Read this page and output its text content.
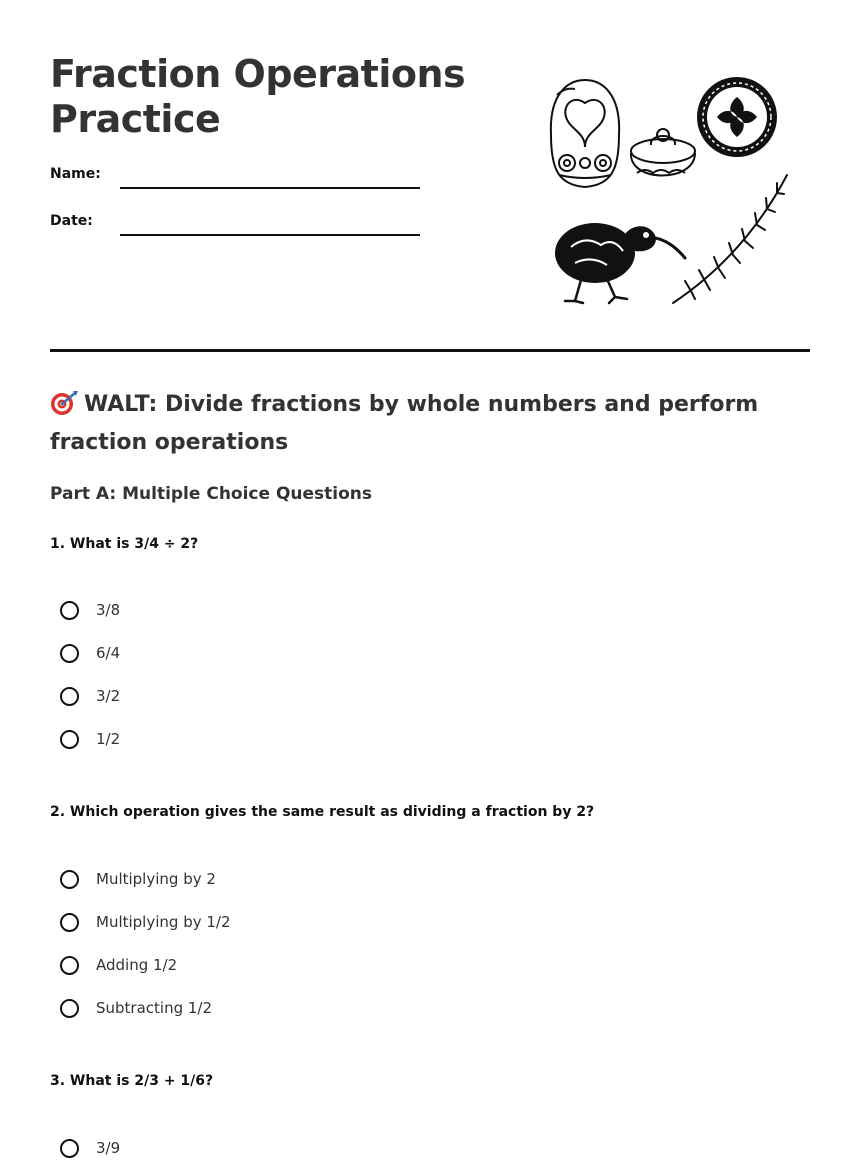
Fraction Operations
Practice
Name:
Date:
WALT: Divide fractions by whole numbers and perform fraction operations
Part A: Multiple Choice Questions

1. What is 3/4 ÷ 2?

3/8
6/4
3/2
1/2

2. Which operation gives the same result as dividing a fraction by 2?

Multiplying by 2
Multiplying by 1/2
Adding 1/2
Subtracting 1/2

3. What is 2/3 + 1/6?

3/9
